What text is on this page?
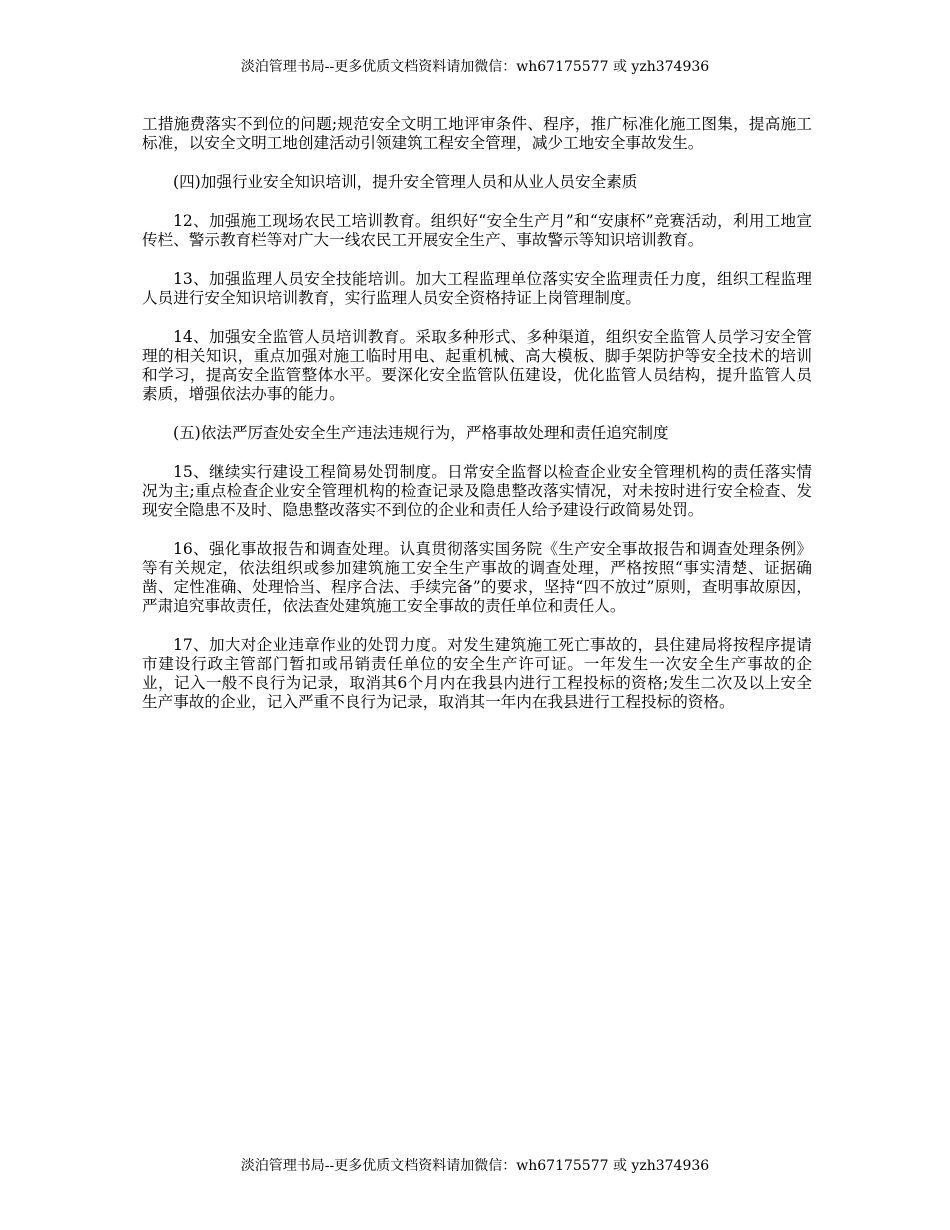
淡泊管理书局--更多优质文档资料请加微信：wh67175577 或 yzh374936

工措施费落实不到位的问题;规范安全文明工地评审条件、程序，推广标准化施工图集，提高施工标准，以安全文明工地创建活动引领建筑工程安全管理，减少工地安全事故发生。

(四)加强行业安全知识培训，提升安全管理人员和从业人员安全素质

12、加强施工现场农民工培训教育。组织好“安全生产月”和“安康杯”竞赛活动，利用工地宣传栏、警示教育栏等对广大一线农民工开展安全生产、事故警示等知识培训教育。

13、加强监理人员安全技能培训。加大工程监理单位落实安全监理责任力度，组织工程监理人员进行安全知识培训教育，实行监理人员安全资格持证上岗管理制度。

14、加强安全监管人员培训教育。采取多种形式、多种渠道，组织安全监管人员学习安全管理的相关知识，重点加强对施工临时用电、起重机械、高大模板、脚手架防护等安全技术的培训和学习，提高安全监管整体水平。要深化安全监管队伍建设，优化监管人员结构，提升监管人员素质，增强依法办事的能力。

(五)依法严厉查处安全生产违法违规行为，严格事故处理和责任追究制度

15、继续实行建设工程简易处罚制度。日常安全监督以检查企业安全管理机构的责任落实情况为主;重点检查企业安全管理机构的检查记录及隐患整改落实情况，对未按时进行安全检查、发现安全隐患不及时、隐患整改落实不到位的企业和责任人给予建设行政简易处罚。

16、强化事故报告和调查处理。认真贯彻落实国务院《生产安全事故报告和调查处理条例》等有关规定，依法组织或参加建筑施工安全生产事故的调查处理，严格按照“事实清楚、证据确凿、定性准确、处理恰当、程序合法、手续完备”的要求，坚持“四不放过”原则，查明事故原因，严肃追究事故责任，依法查处建筑施工安全事故的责任单位和责任人。

17、加大对企业违章作业的处罚力度。对发生建筑施工死亡事故的，县住建局将按程序提请市建设行政主管部门暂扣或吊销责任单位的安全生产许可证。一年发生一次安全生产事故的企业，记入一般不良行为记录，取消其6个月内在我县内进行工程投标的资格;发生二次及以上安全生产事故的企业，记入严重不良行为记录，取消其一年内在我县进行工程投标的资格。

淡泊管理书局--更多优质文档资料请加微信：wh67175577 或 yzh374936
